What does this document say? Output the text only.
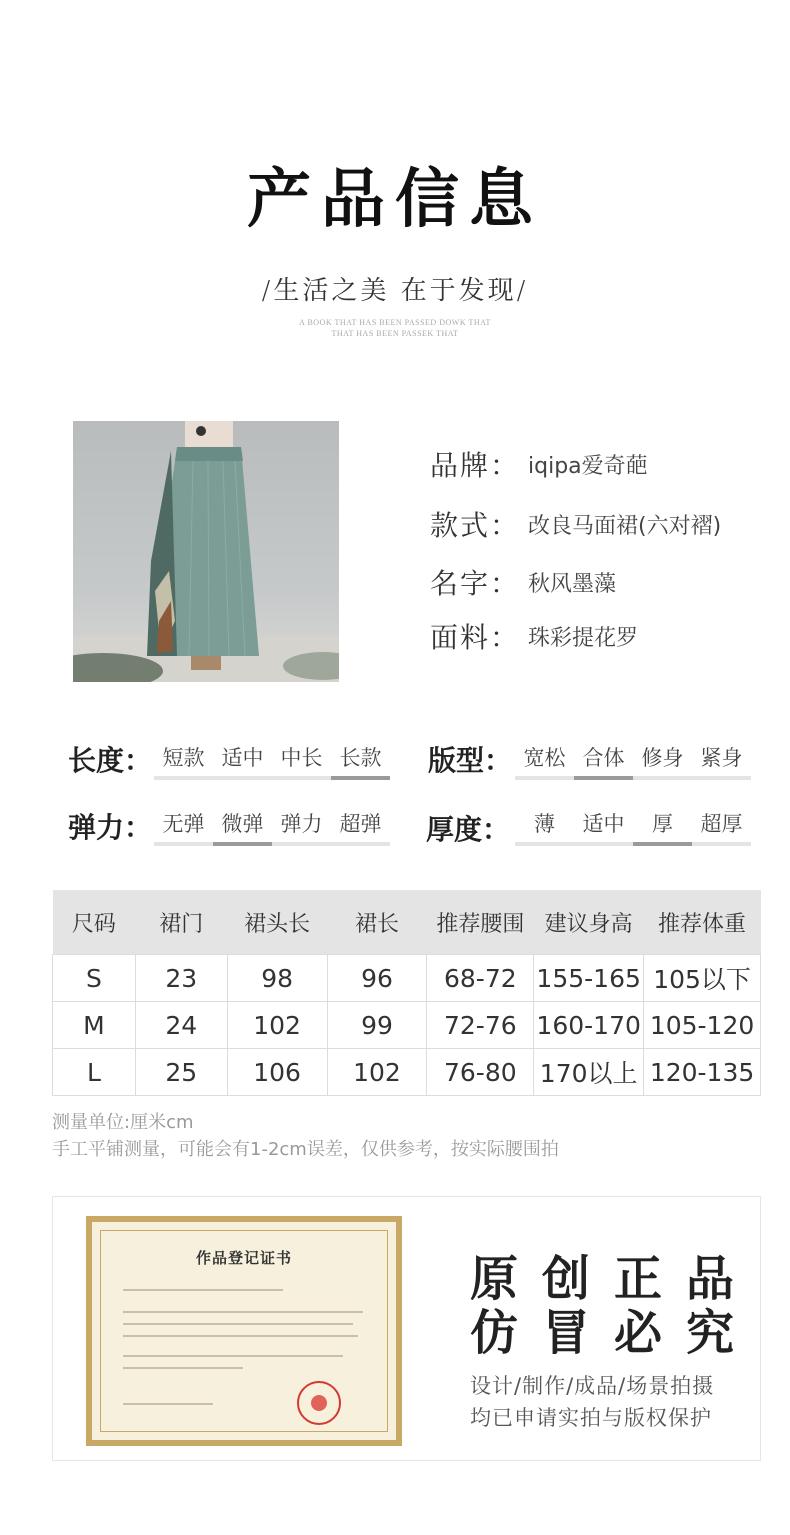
产品信息
/生活之美 在于发现/
A BOOK THAT HAS BEEN PASSED DOWK THAT
THAT HAS BEEN PASSEK THAT
品牌： iqipa爱奇葩
款式： 改良马面裙(六对褶)
名字： 秋风墨藻
面料： 珠彩提花罗
长度： 短款 适中 中长 长款	版型： 宽松 合体 修身 紧身
弹力： 无弹 微弹 弹力 超弹	厚度：	薄	适中	厚	超厚
尺码	裙门	裙头长	裙长	推荐腰围	建议身高	推荐体重
S	23	98	96	68-72	155-165	105以下
M	24	102	99	72-76	160-170	105-120
L	25	106	102	76-80	170以上	120-135
测量单位:厘米cm
手工平铺测量，可能会有1-2cm误差，仅供参考，按实际腰围拍
作品登记证书	原创正品
仿冒必究
设计/制作/成品/场景拍摄
均已申请实拍与版权保护
